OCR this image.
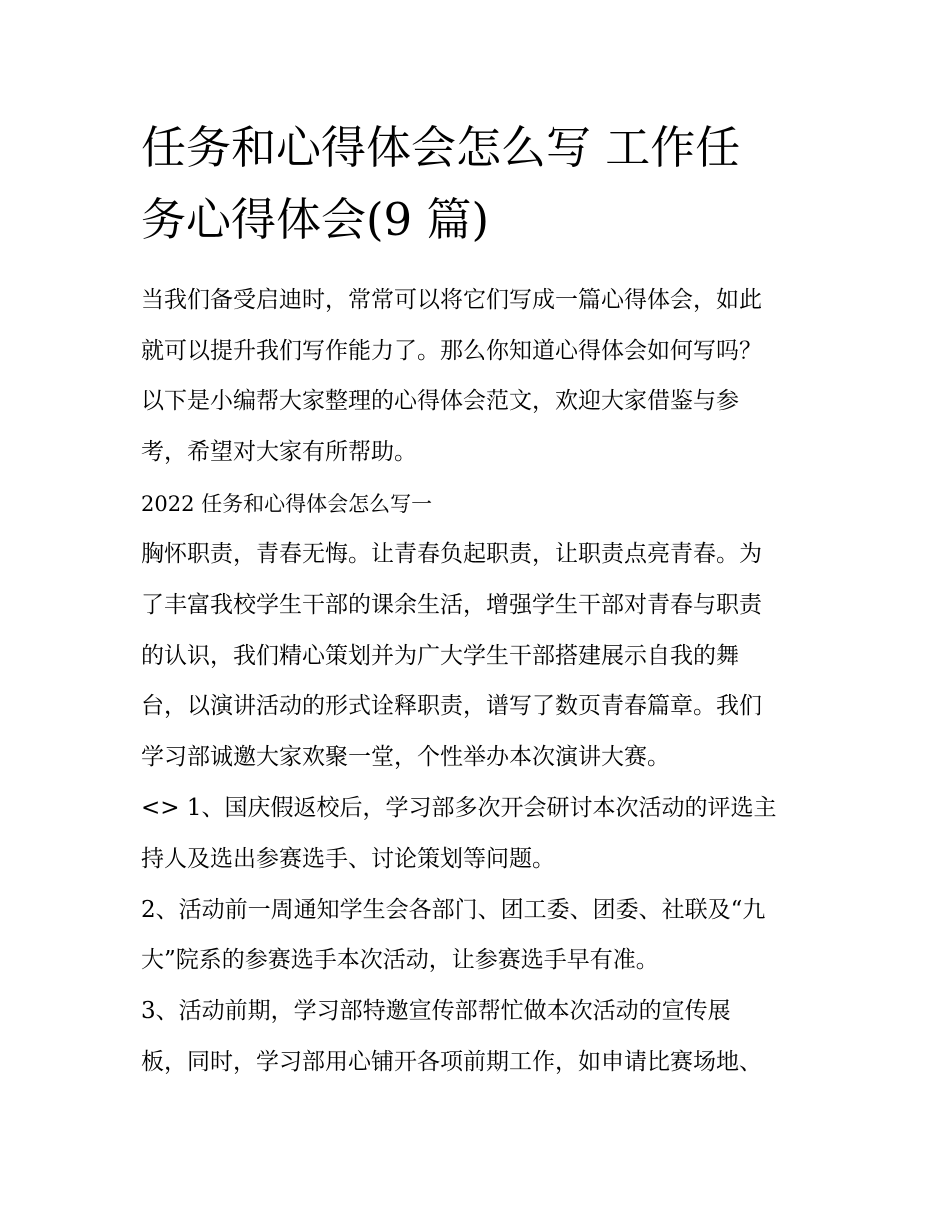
任务和心得体会怎么写 工作任
务心得体会(9 篇)

当我们备受启迪时，常常可以将它们写成一篇心得体会，如此

就可以提升我们写作能力了。那么你知道心得体会如何写吗？

以下是小编帮大家整理的心得体会范文，欢迎大家借鉴与参

考，希望对大家有所帮助。

2022 任务和心得体会怎么写一

胸怀职责，青春无悔。让青春负起职责，让职责点亮青春。为

了丰富我校学生干部的课余生活，增强学生干部对青春与职责

的认识，我们精心策划并为广大学生干部搭建展示自我的舞

台，以演讲活动的形式诠释职责，谱写了数页青春篇章。我们

学习部诚邀大家欢聚一堂，个性举办本次演讲大赛。

<> 1、国庆假返校后，学习部多次开会研讨本次活动的评选主

持人及选出参赛选手、讨论策划等问题。

2、活动前一周通知学生会各部门、团工委、团委、社联及“九

大”院系的参赛选手本次活动，让参赛选手早有准。

3、活动前期，学习部特邀宣传部帮忙做本次活动的宣传展

板，同时，学习部用心铺开各项前期工作，如申请比赛场地、
